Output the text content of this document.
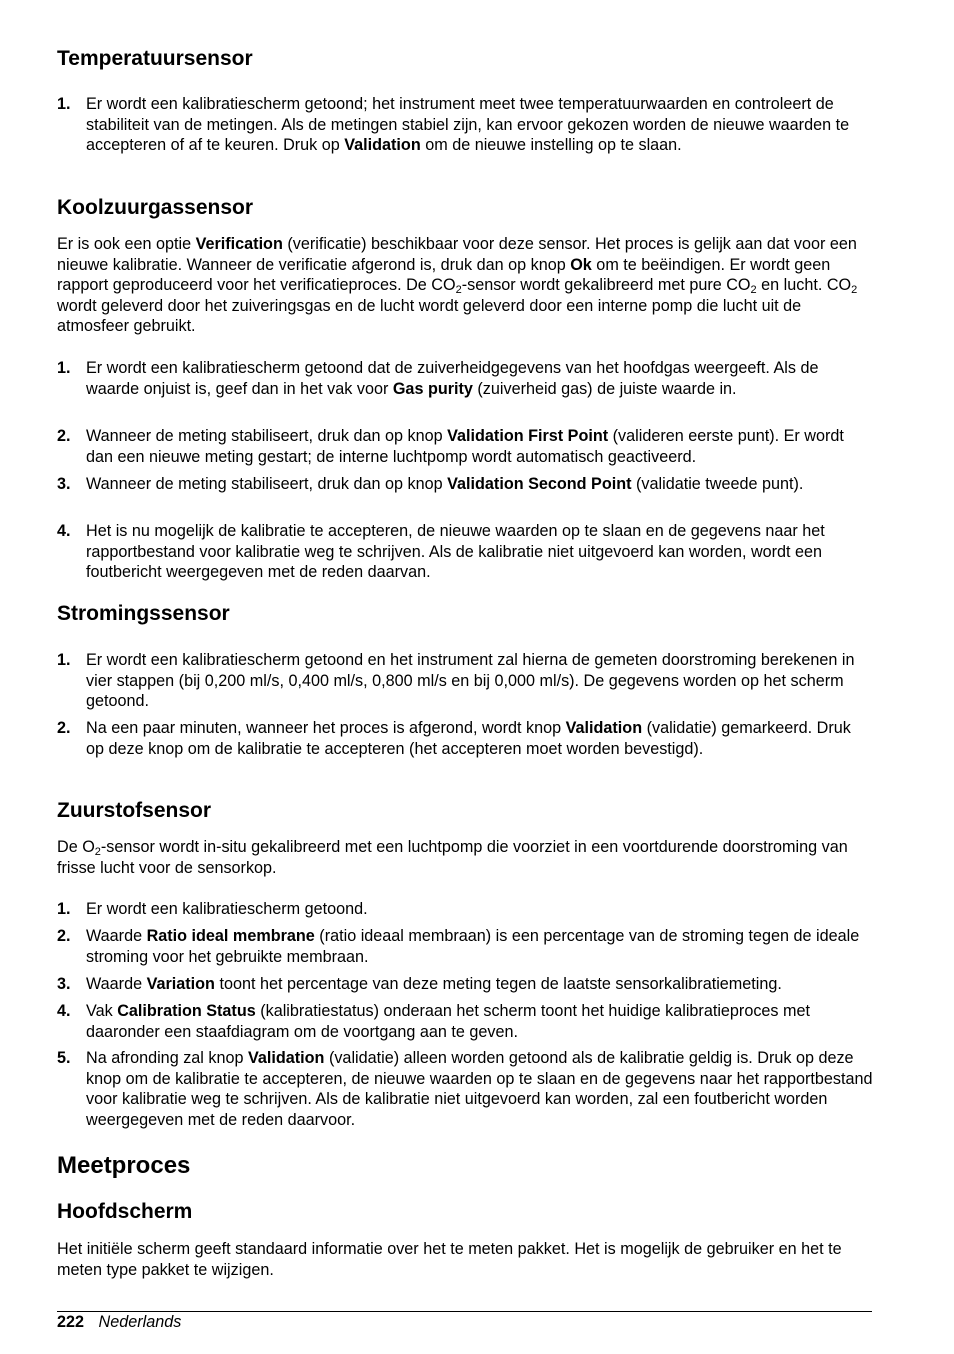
Temperatuursensor
1. Er wordt een kalibratiescherm getoond; het instrument meet twee temperatuurwaarden en controleert de stabiliteit van de metingen. Als de metingen stabiel zijn, kan ervoor gekozen worden de nieuwe waarden te accepteren of af te keuren. Druk op Validation om de nieuwe instelling op te slaan.
Koolzuurgassensor

Er is ook een optie Verification (verificatie) beschikbaar voor deze sensor. Het proces is gelijk aan dat voor een nieuwe kalibratie. Wanneer de verificatie afgerond is, druk dan op knop Ok om te beëindigen. Er wordt geen rapport geproduceerd voor het verificatieproces. De $CO_2$-sensor wordt gekalibreerd met pure $CO_2$ en lucht. $CO_2$ wordt geleverd door het zuiveringsgas en de lucht wordt geleverd door een interne pomp die lucht uit de atmosfeer gebruikt.

1. Er wordt een kalibratiescherm getoond dat de zuiverheidgegevens van het hoofdgas weergeeft. Als de waarde onjuist is, geef dan in het vak voor Gas purity (zuiverheid gas) de juiste waarde in.
2. Wanneer de meting stabiliseert, druk dan op knop Validation First Point (valideren eerste punt). Er wordt dan een nieuwe meting gestart; de interne luchtpomp wordt automatisch geactiveerd.
3. Wanneer de meting stabiliseert, druk dan op knop Validation Second Point (validatie tweede punt).
4. Het is nu mogelijk de kalibratie te accepteren, de nieuwe waarden op te slaan en de gegevens naar het rapportbestand voor kalibratie weg te schrijven. Als de kalibratie niet uitgevoerd kan worden, wordt een foutbericht weergegeven met de reden daarvan.
Stromingssensor
1. Er wordt een kalibratiescherm getoond en het instrument zal hierna de gemeten doorstroming berekenen in vier stappen (bij 0,200 ml/s, 0,400 ml/s, 0,800 ml/s en bij 0,000 ml/s). De gegevens worden op het scherm getoond.
2. Na een paar minuten, wanneer het proces is afgerond, wordt knop Validation (validatie) gemarkeerd. Druk op deze knop om de kalibratie te accepteren (het accepteren moet worden bevestigd).
Zuurstofsensor

De $O_2$-sensor wordt in-situ gekalibreerd met een luchtpomp die voorziet in een voortdurende doorstroming van frisse lucht voor de sensorkop.

1. Er wordt een kalibratiescherm getoond.
2. Waarde Ratio ideal membrane (ratio ideaal membraan) is een percentage van de stroming tegen de ideale stroming voor het gebruikte membraan.
3. Waarde Variation toont het percentage van deze meting tegen de laatste sensorkalibratiemeting.
4. Vak Calibration Status (kalibratiestatus) onderaan het scherm toont het huidige kalibratieproces met daaronder een staafdiagram om de voortgang aan te geven.
5. Na afronding zal knop Validation (validatie) alleen worden getoond als de kalibratie geldig is. Druk op deze knop om de kalibratie te accepteren, de nieuwe waarden op te slaan en de gegevens naar het rapportbestand voor kalibratie weg te schrijven. Als de kalibratie niet uitgevoerd kan worden, zal een foutbericht worden weergegeven met de reden daarvoor.
Meetproces
Hoofdscherm

Het initiële scherm geeft standaard informatie over het te meten pakket. Het is mogelijk de gebruiker en het te meten type pakket te wijzigen.

222 Nederlands
